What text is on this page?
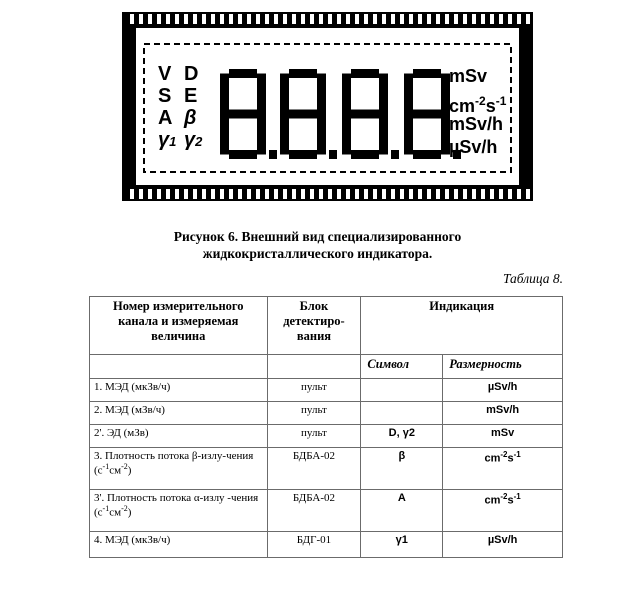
V
S
A
γ1
D
E
β
γ2
mSv
$cm^{-2}s^{-1}$
mSv/h
µSv/h
Рисунок 6. Внешний вид специализированного
жидкокристаллического индикатора.
Таблица 8.
Номер измерительного канала и измеряемая величина	Блок детектиро-вания	Индикация	
		Символ	Размерность
1. МЭД (мкЗв/ч)	пульт		µSv/h
2. МЭД (мЗв/ч)	пульт		mSv/h
2'. ЭД (мЗв)	пульт	D, γ2	mSv
3. Плотность потока β-излу-чения $(с^{-1}см^{-2})$	БДБА-02	β	$cm^{-2}s^{-1}$
3'. Плотность потока α-излу -чения $(с^{-1}см^{-2})$	БДБА-02	A	$cm^{-2}s^{-1}$
4. МЭД (мкЗв/ч)	БДГ-01	γ1	µSv/h
